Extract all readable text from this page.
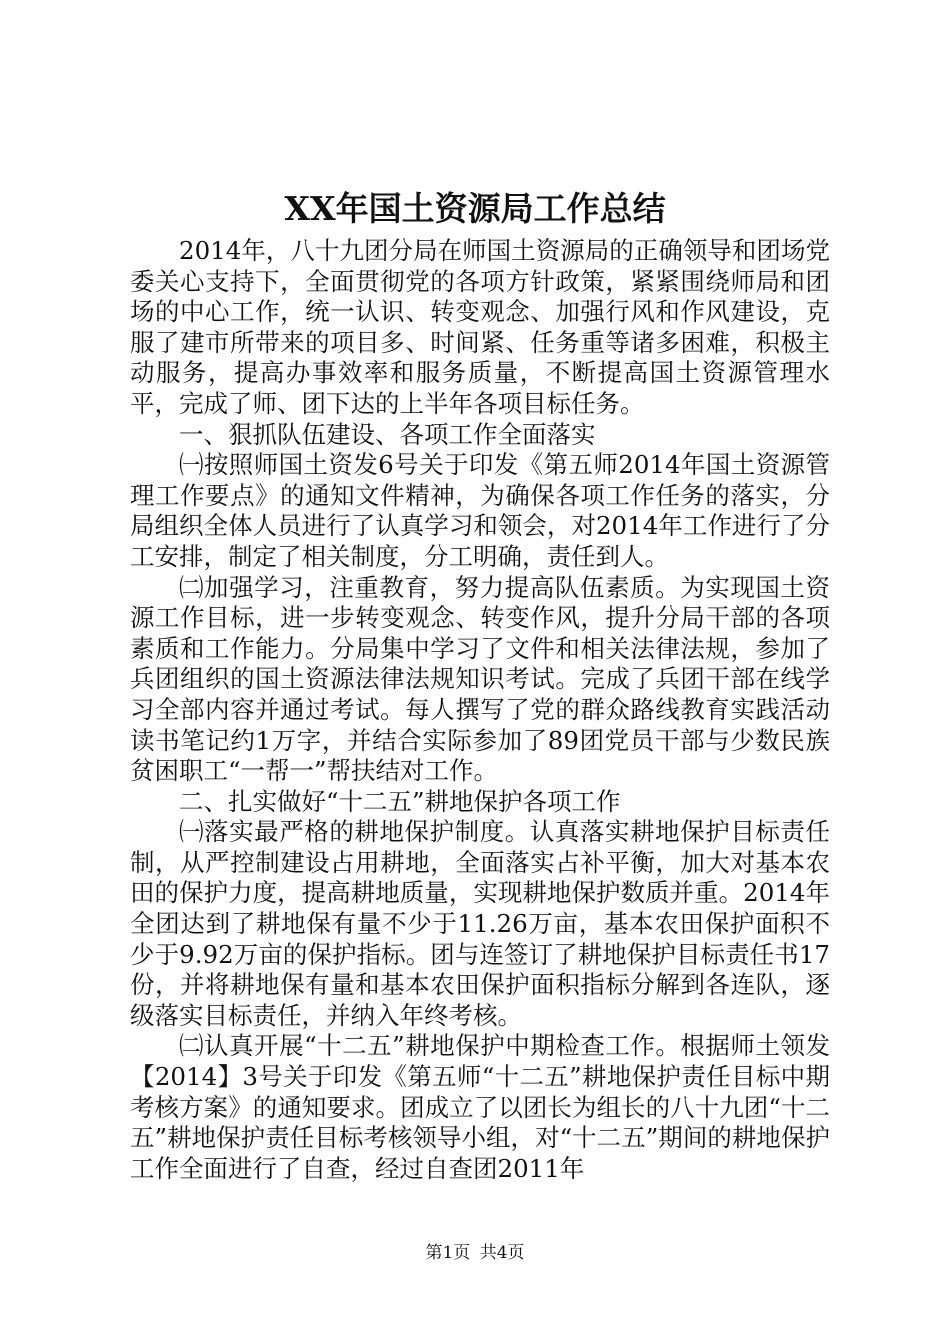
XX年国土资源局工作总结

2014年，八十九团分局在师国土资源局的正确领导和团场党委关心支持下，全面贯彻党的各项方针政策，紧紧围绕师局和团场的中心工作，统一认识、转变观念、加强行风和作风建设，克服了建市所带来的项目多、时间紧、任务重等诸多困难，积极主动服务，提高办事效率和服务质量，不断提高国土资源管理水平，完成了师、团下达的上半年各项目标任务。

一、狠抓队伍建设、各项工作全面落实

㈠按照师国土资发6号关于印发《第五师2014年国土资源管理工作要点》的通知文件精神，为确保各项工作任务的落实，分局组织全体人员进行了认真学习和领会，对2014年工作进行了分工安排，制定了相关制度，分工明确，责任到人。

㈡加强学习，注重教育，努力提高队伍素质。为实现国土资源工作目标，进一步转变观念、转变作风，提升分局干部的各项素质和工作能力。分局集中学习了文件和相关法律法规，参加了兵团组织的国土资源法律法规知识考试。完成了兵团干部在线学习全部内容并通过考试。每人撰写了党的群众路线教育实践活动读书笔记约1万字，并结合实际参加了89团党员干部与少数民族贫困职工“一帮一”帮扶结对工作。

二、扎实做好“十二五”耕地保护各项工作

㈠落实最严格的耕地保护制度。认真落实耕地保护目标责任制，从严控制建设占用耕地，全面落实占补平衡，加大对基本农田的保护力度，提高耕地质量，实现耕地保护数质并重。2014年全团达到了耕地保有量不少于11.26万亩，基本农田保护面积不少于9.92万亩的保护指标。团与连签订了耕地保护目标责任书17份，并将耕地保有量和基本农田保护面积指标分解到各连队，逐级落实目标责任，并纳入年终考核。

㈡认真开展“十二五”耕地保护中期检查工作。根据师土领发【2014】3号关于印发《第五师“十二五”耕地保护责任目标中期考核方案》的通知要求。团成立了以团长为组长的八十九团“十二五”耕地保护责任目标考核领导小组，对“十二五”期间的耕地保护工作全面进行了自查，经过自查团2011年

第1页 共4页
